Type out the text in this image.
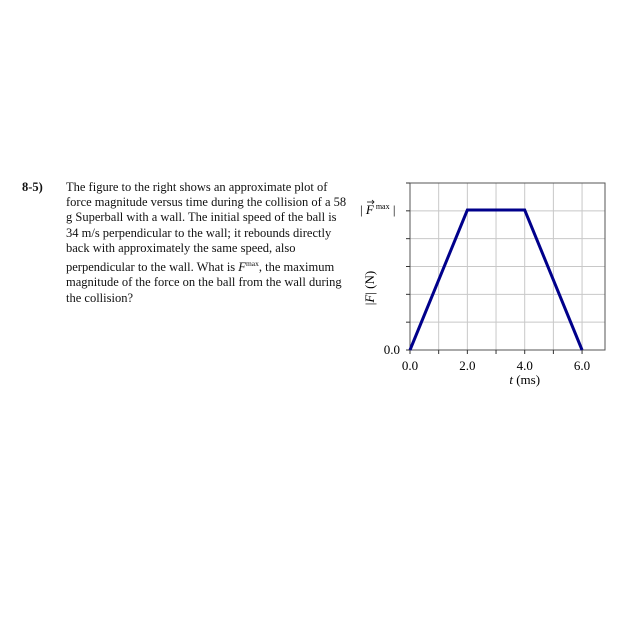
8-5) The figure to the right shows an approximate plot of force magnitude versus time during the collision of a 58 g Superball with a wall. The initial speed of the ball is 34 m/s perpendicular to the wall; it rebounds directly back with approximately the same speed, also perpendicular to the wall. What is $F^{max}$, the maximum magnitude of the force on the ball from the wall during the collision?
0.0	2.0	4.0	6.0
t (ms)
0.0
| F $^{max}$ |
|F| (N)
